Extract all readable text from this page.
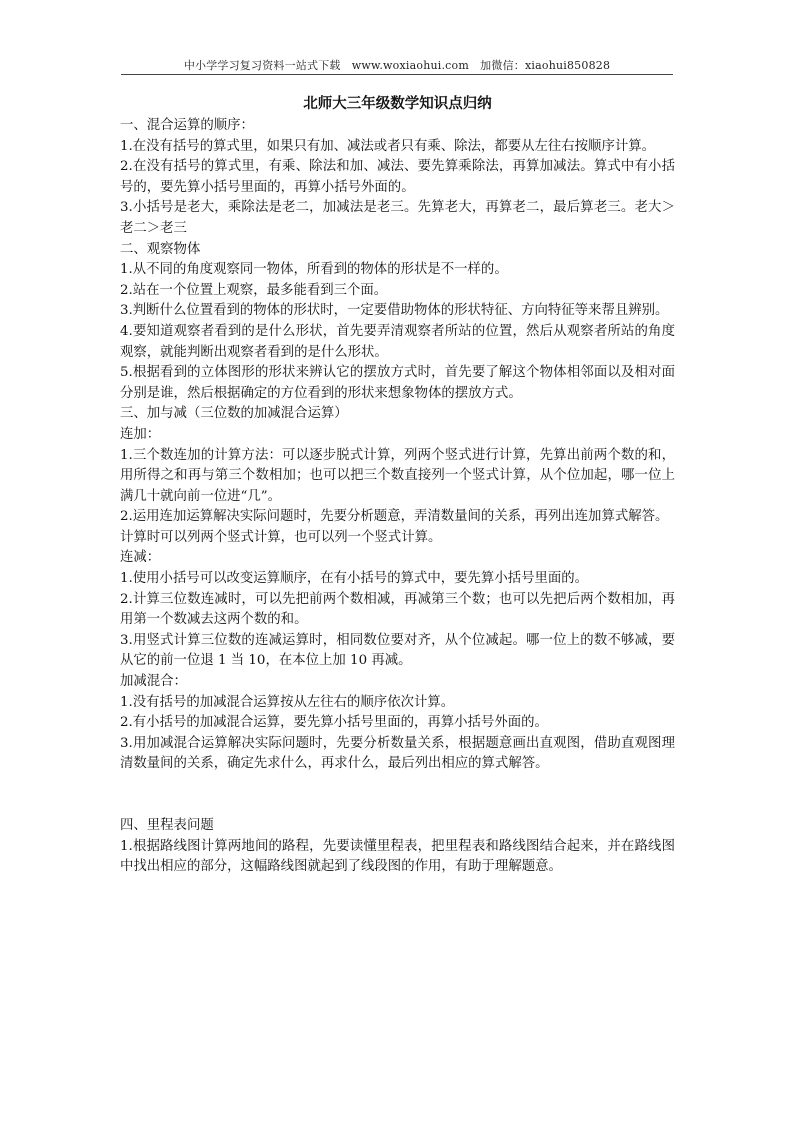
中小学学习复习资料一站式下载　www.woxiaohui.com　加微信：xiaohui850828
北师大三年级数学知识点归纳
一、混合运算的顺序：
1.在没有括号的算式里，如果只有加、减法或者只有乘、除法，都要从左往右按顺序计算。
2.在没有括号的算式里，有乘、除法和加、减法、要先算乘除法，再算加减法。算式中有小括号的，要先算小括号里面的，再算小括号外面的。
3.小括号是老大，乘除法是老二，加减法是老三。先算老大，再算老二，最后算老三。老大＞老二＞老三
二、观察物体
1.从不同的角度观察同一物体，所看到的物体的形状是不一样的。
2.站在一个位置上观察，最多能看到三个面。
3.判断什么位置看到的物体的形状时，一定要借助物体的形状特征、方向特征等来帮且辨别。
4.要知道观察者看到的是什么形状，首先要弄清观察者所站的位置，然后从观察者所站的角度观察，就能判断出观察者看到的是什么形状。
5.根据看到的立体图形的形状来辨认它的摆放方式时，首先要了解这个物体相邻面以及相对面分别是谁，然后根据确定的方位看到的形状来想象物体的摆放方式。
三、加与减（三位数的加减混合运算）
连加：
1.三个数连加的计算方法：可以逐步脱式计算，列两个竖式进行计算，先算出前两个数的和，用所得之和再与第三个数相加；也可以把三个数直接列一个竖式计算，从个位加起，哪一位上满几十就向前一位进“几”。
2.运用连加运算解决实际问题时，先要分析题意，弄清数量间的关系，再列出连加算式解答。
计算时可以列两个竖式计算，也可以列一个竖式计算。
连减：
1.使用小括号可以改变运算顺序，在有小括号的算式中，要先算小括号里面的。
2.计算三位数连减时，可以先把前两个数相减，再减第三个数；也可以先把后两个数相加，再用第一个数减去这两个数的和。
3.用竖式计算三位数的连减运算时，相同数位要对齐，从个位减起。哪一位上的数不够减，要从它的前一位退 1 当 10，在本位上加 10 再减。
加减混合：
1.没有括号的加减混合运算按从左往右的顺序依次计算。
2.有小括号的加减混合运算，要先算小括号里面的，再算小括号外面的。
3.用加减混合运算解决实际问题时，先要分析数量关系，根据题意画出直观图，借助直观图理清数量间的关系，确定先求什么，再求什么，最后列出相应的算式解答。
四、里程表问题
1.根据路线图计算两地间的路程，先要读懂里程表，把里程表和路线图结合起来，并在路线图中找出相应的部分，这幅路线图就起到了线段图的作用，有助于理解题意。
